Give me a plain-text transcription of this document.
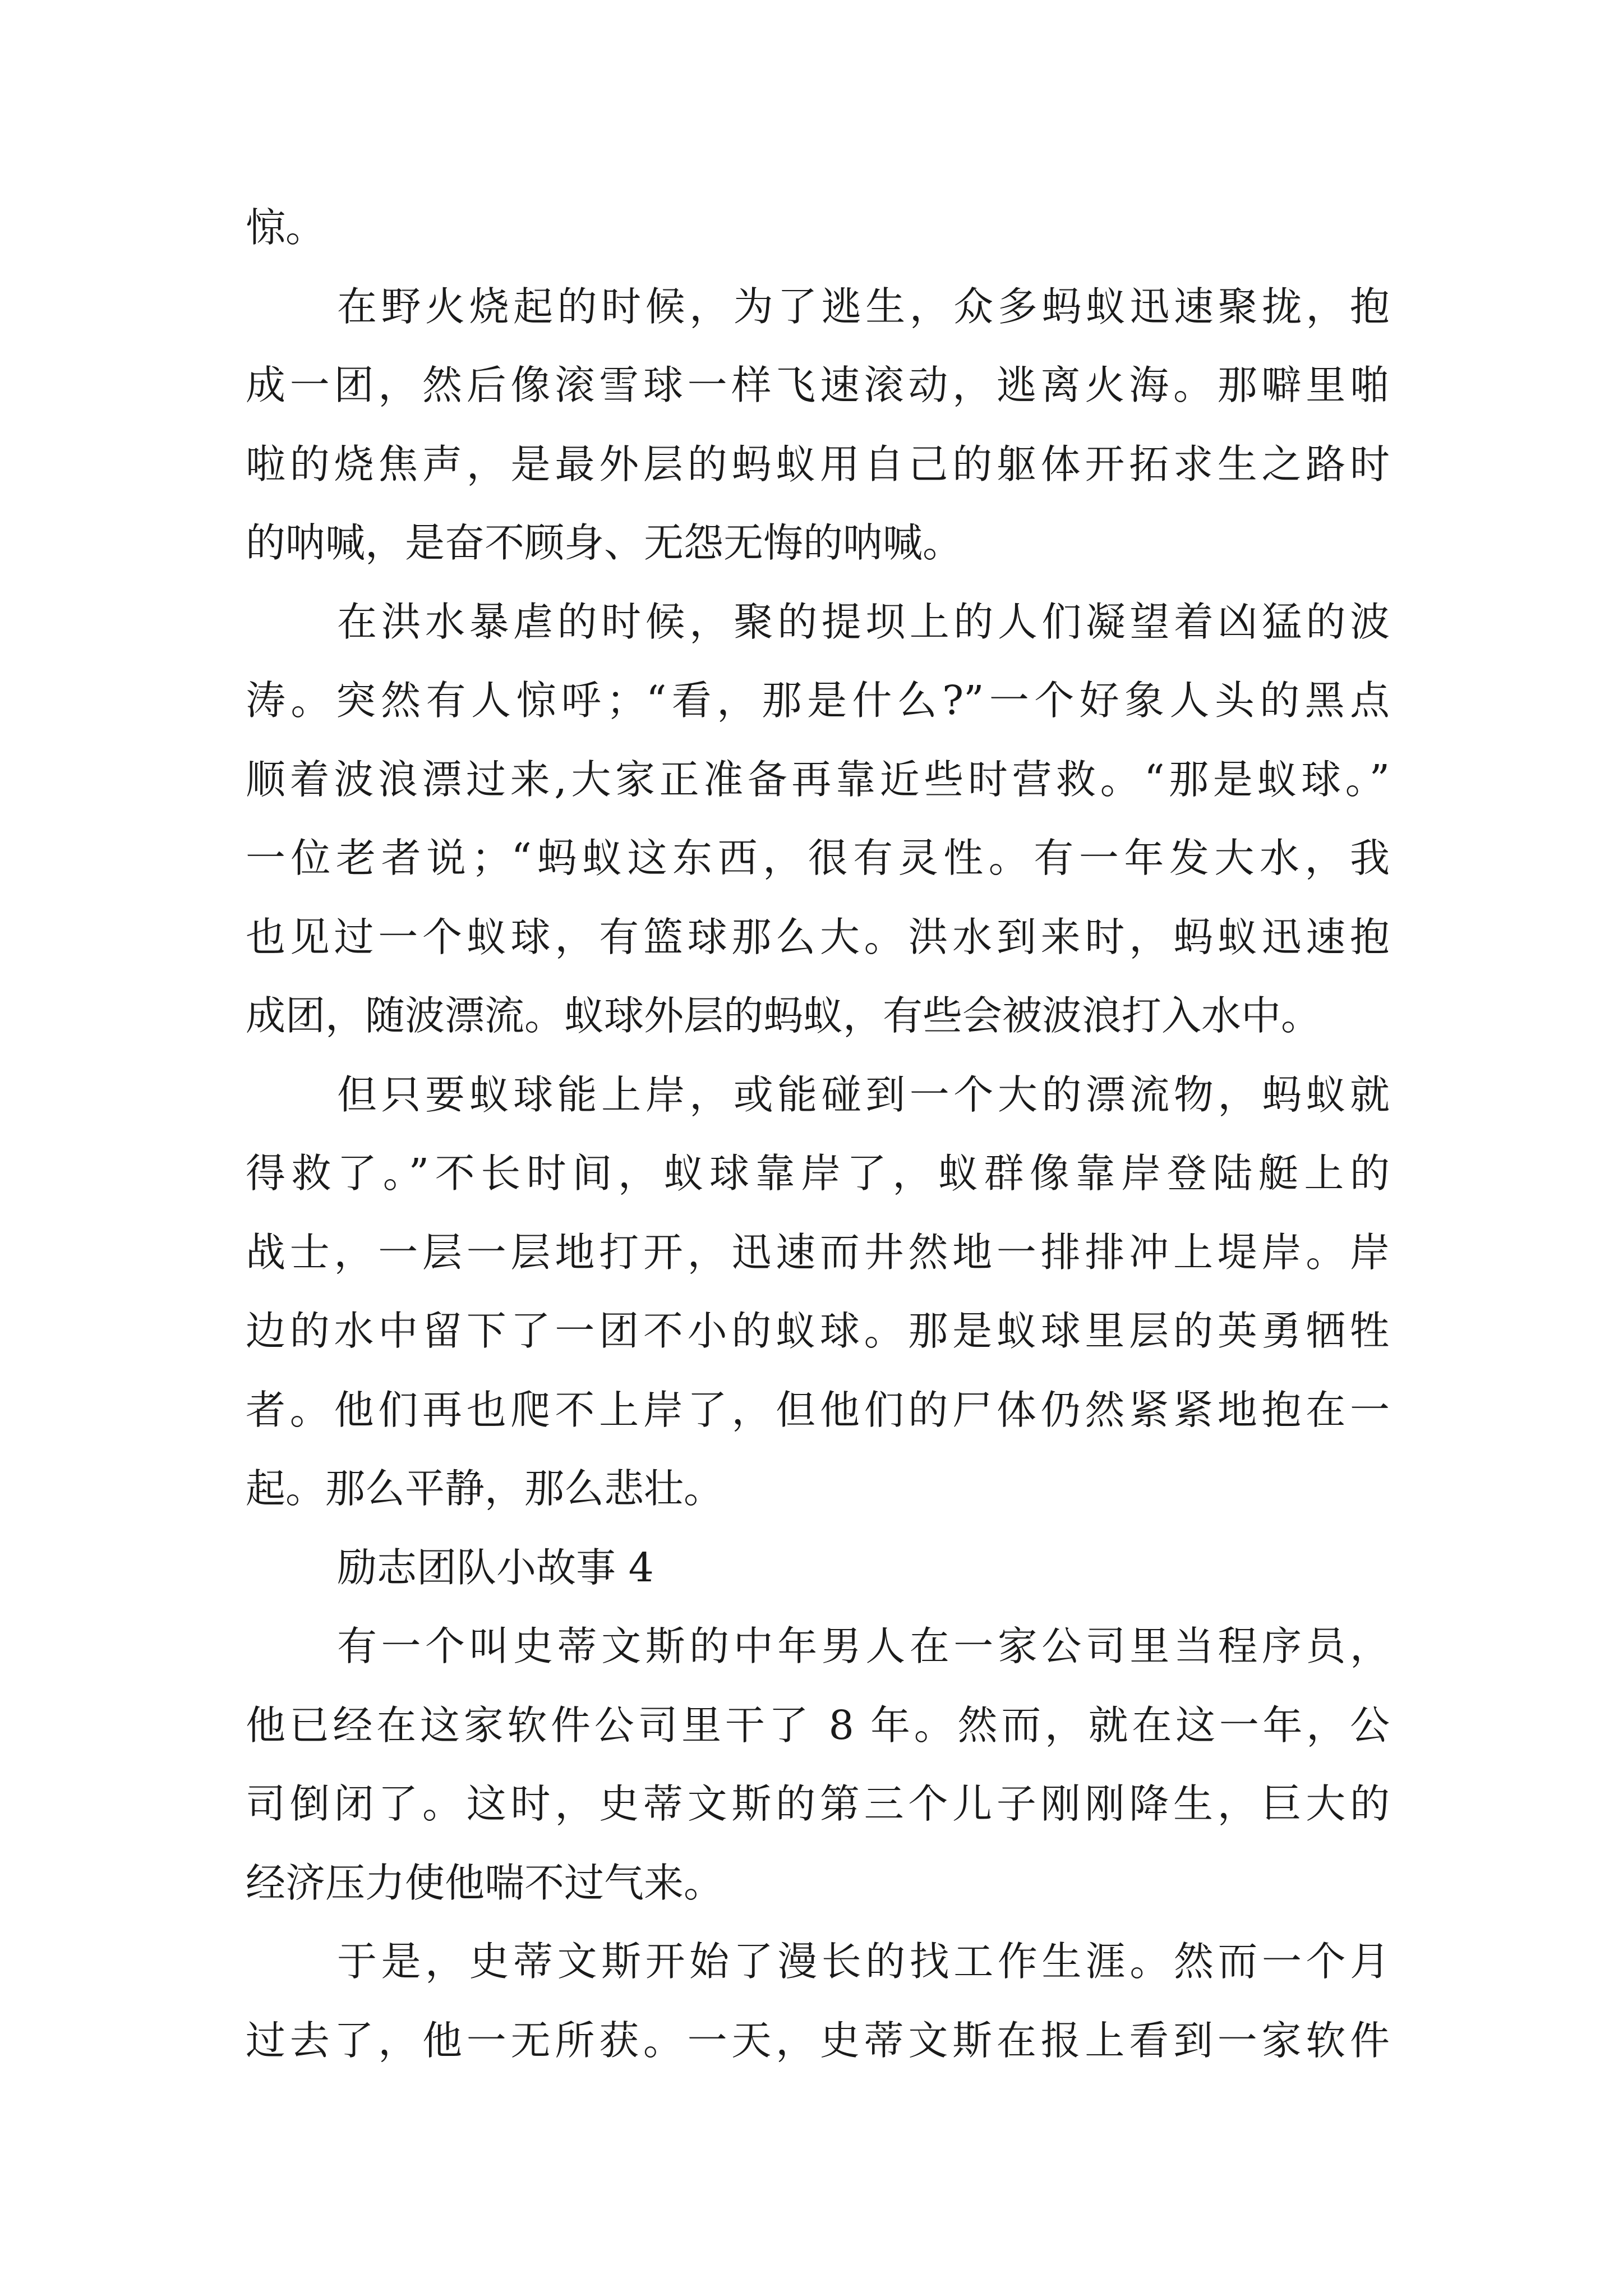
惊。
在野火烧起的时候，为了逃生，众多蚂蚁迅速聚拢，抱
成一团，然后像滚雪球一样飞速滚动，逃离火海。那噼里啪
啦的烧焦声，是最外层的蚂蚁用自己的躯体开拓求生之路时
的呐喊，是奋不顾身、无怨无悔的呐喊。
在洪水暴虐的时候，聚的提坝上的人们凝望着凶猛的波
涛。突然有人惊呼；“看，那是什么?”一个好象人头的黑点
顺着波浪漂过来,大家正准备再靠近些时营救。“那是蚁球。”
一位老者说；“蚂蚁这东西，很有灵性。有一年发大水，我
也见过一个蚁球，有篮球那么大。洪水到来时，蚂蚁迅速抱
成团，随波漂流。蚁球外层的蚂蚁，有些会被波浪打入水中。
但只要蚁球能上岸，或能碰到一个大的漂流物，蚂蚁就
得救了。”不长时间，蚁球靠岸了，蚁群像靠岸登陆艇上的
战士，一层一层地打开，迅速而井然地一排排冲上堤岸。岸
边的水中留下了一团不小的蚁球。那是蚁球里层的英勇牺牲
者。他们再也爬不上岸了，但他们的尸体仍然紧紧地抱在一
起。那么平静，那么悲壮。
励志团队小故事 4
有一个叫史蒂文斯的中年男人在一家公司里当程序员，
他已经在这家软件公司里干了 8 年。然而，就在这一年，公
司倒闭了。这时，史蒂文斯的第三个儿子刚刚降生，巨大的
经济压力使他喘不过气来。
于是，史蒂文斯开始了漫长的找工作生涯。然而一个月
过去了，他一无所获。一天，史蒂文斯在报上看到一家软件
